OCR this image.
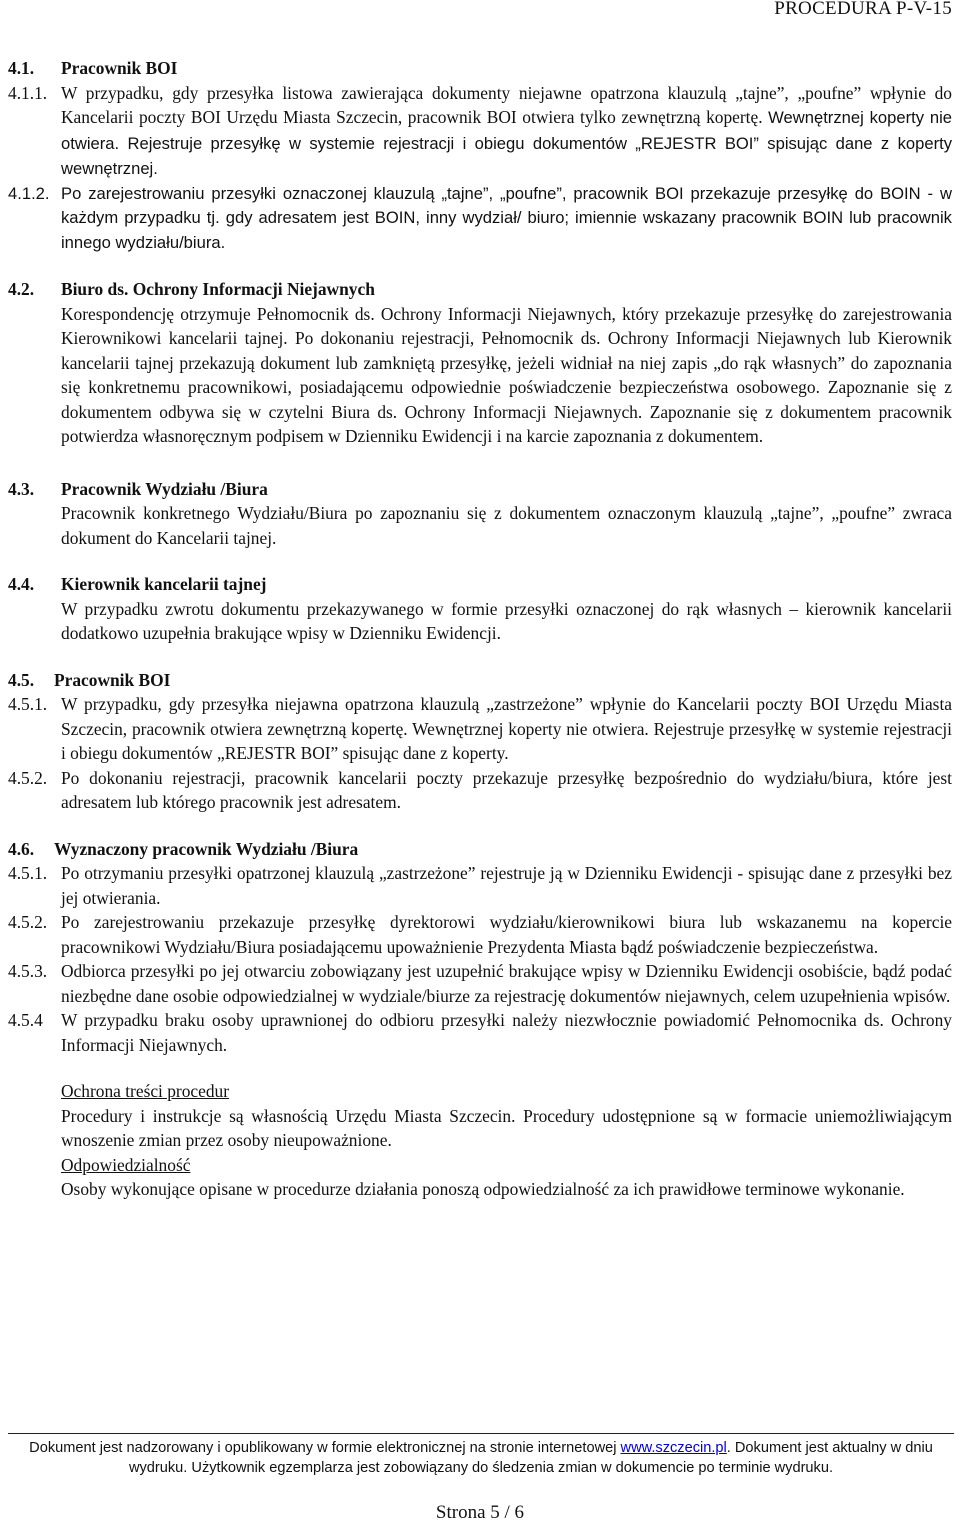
PROCEDURA P-V-15
4.1.	Pracownik BOI
4.1.1. W przypadku, gdy przesyłka listowa zawierająca dokumenty niejawne opatrzona klauzulą „tajne”, „poufne” wpłynie do Kancelarii poczty BOI Urzędu Miasta Szczecin, pracownik BOI otwiera tylko zewnętrzną kopertę. Wewnętrznej koperty nie otwiera. Rejestruje przesyłkę w systemie rejestracji i obiegu dokumentów „REJESTR BOI” spisując dane z koperty wewnętrznej.
4.1.2. Po zarejestrowaniu przesyłki oznaczonej klauzulą „tajne”, „poufne”, pracownik BOI przekazuje przesyłkę do BOIN - w każdym przypadku tj. gdy adresatem jest BOIN, inny wydział/ biuro; imiennie wskazany pracownik BOIN lub pracownik innego wydziału/biura.
4.2.	Biuro ds. Ochrony Informacji Niejawnych
Korespondencję otrzymuje Pełnomocnik ds. Ochrony Informacji Niejawnych, który przekazuje przesyłkę do zarejestrowania Kierownikowi kancelarii tajnej. Po dokonaniu rejestracji, Pełnomocnik ds. Ochrony Informacji Niejawnych lub Kierownik kancelarii tajnej przekazują dokument lub zamkniętą przesyłkę, jeżeli widniał na niej zapis „do rąk własnych” do zapoznania się konkretnemu pracownikowi, posiadającemu odpowiednie poświadczenie bezpieczeństwa osobowego. Zapoznanie się z dokumentem odbywa się w czytelni Biura ds. Ochrony Informacji Niejawnych. Zapoznanie się z dokumentem pracownik potwierdza własnoręcznym podpisem w Dzienniku Ewidencji i na karcie zapoznania z dokumentem.
4.3.	Pracownik Wydziału /Biura
Pracownik konkretnego Wydziału/Biura po zapoznaniu się z dokumentem oznaczonym klauzulą „tajne”, „poufne” zwraca dokument do Kancelarii tajnej.
4.4.	Kierownik kancelarii tajnej
W przypadku zwrotu dokumentu przekazywanego w formie przesyłki oznaczonej do rąk własnych – kierownik kancelarii dodatkowo uzupełnia brakujące wpisy w Dzienniku Ewidencji.
4.5.	Pracownik BOI
4.5.1. W przypadku, gdy przesyłka niejawna opatrzona klauzulą „zastrzeżone” wpłynie do Kancelarii poczty BOI Urzędu Miasta Szczecin, pracownik otwiera zewnętrzną kopertę. Wewnętrznej koperty nie otwiera. Rejestruje przesyłkę w systemie rejestracji i obiegu dokumentów „REJESTR BOI” spisując dane z koperty.
4.5.2. Po dokonaniu rejestracji, pracownik kancelarii poczty przekazuje przesyłkę bezpośrednio do wydziału/biura, które jest adresatem lub którego pracownik jest adresatem.
4.6.	Wyznaczony pracownik Wydziału /Biura
4.5.1. Po otrzymaniu przesyłki opatrzonej klauzulą „zastrzeżone” rejestruje ją w Dzienniku Ewidencji - spisując dane z przesyłki bez jej otwierania.
4.5.2. Po zarejestrowaniu przekazuje przesyłkę dyrektorowi wydziału/kierownikowi biura lub wskazanemu na kopercie pracownikowi Wydziału/Biura posiadającemu upoważnienie Prezydenta Miasta bądź poświadczenie bezpieczeństwa.
4.5.3. Odbiorca przesyłki po jej otwarciu zobowiązany jest uzupełnić brakujące wpisy w Dzienniku Ewidencji osobiście, bądź podać niezbędne dane osobie odpowiedzialnej w wydziale/biurze za rejestrację dokumentów niejawnych, celem uzupełnienia wpisów.
4.5.4	W przypadku braku osoby uprawnionej do odbioru przesyłki należy niezwłocznie powiadomić Pełnomocnika ds. Ochrony Informacji Niejawnych.
Ochrona treści procedur
Procedury i instrukcje są własnością Urzędu Miasta Szczecin. Procedury udostępnione są w formacie uniemożliwiającym wnoszenie zmian przez osoby nieupoważnione.
Odpowiedzialność
Osoby wykonujące opisane w procedurze działania ponoszą odpowiedzialność za ich prawidłowe terminowe wykonanie.
Dokument jest nadzorowany i opublikowany w formie elektronicznej na stronie internetowej www.szczecin.pl. Dokument jest aktualny w dniu wydruku. Użytkownik egzemplarza jest zobowiązany do śledzenia zmian w dokumencie po terminie wydruku.
Strona 5 / 6
